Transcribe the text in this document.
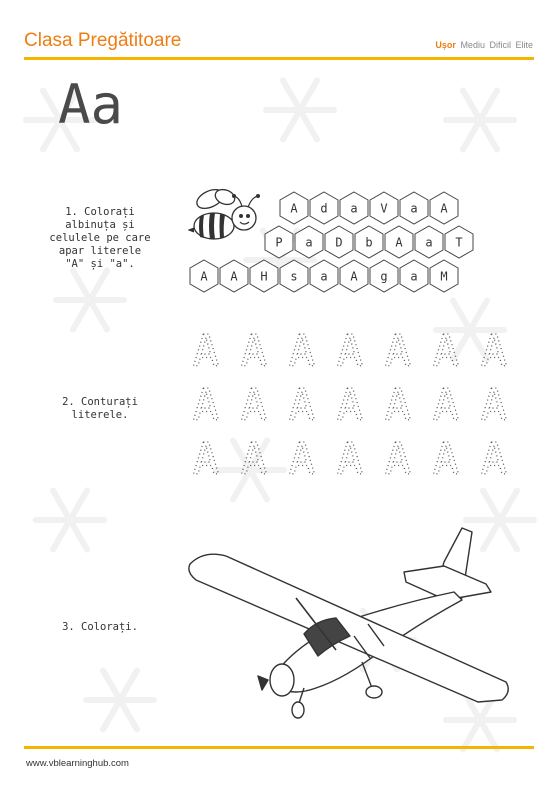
Clasa Pregătitoare	Ușor Mediu Dificil Elite
Aa
1. Colorați
albinuța și
celulele pe care
apar literele
"A" și "a".
2. Conturați
literele.
3. Colorați.
A d a V a A
P a D b A a T
A A H s a A g a M
A A A A A A A
A A A A A A A
A A A A A A A
www.vblearninghub.com
